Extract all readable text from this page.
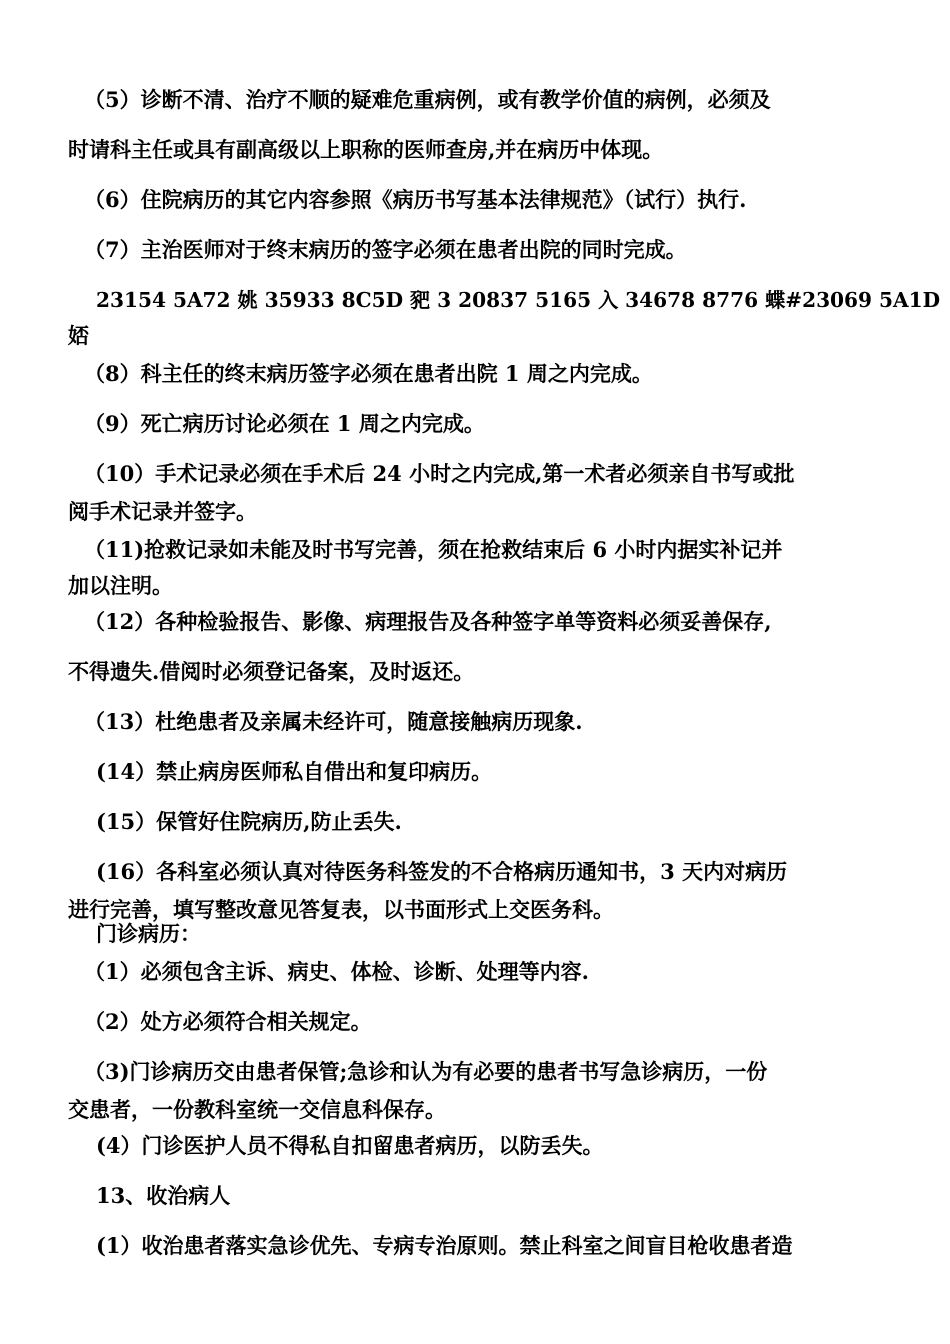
（5）诊断不清、治疗不顺的疑难危重病例，或有教学价值的病例，必须及

时请科主任或具有副高级以上职称的医师查房,并在病历中体现。

（6）住院病历的其它内容参照《病历书写基本法律规范》（试行）执行.

（7）主治医师对于终末病历的签字必须在患者出院的同时完成。

23154 5A72 姚 35933 8C5D 豝 3 20837 5165 入 34678 8776 蝶#23069 5A1D

娝

（8）科主任的终末病历签字必须在患者出院 1 周之内完成。

（9）死亡病历讨论必须在 1 周之内完成。

（10）手术记录必须在手术后 24 小时之内完成,第一术者必须亲自书写或批

阅手术记录并签字。

（11)抢救记录如未能及时书写完善，须在抢救结束后 6 小时内据实补记并

加以注明。

（12）各种检验报告、影像、病理报告及各种签字单等资料必须妥善保存,

不得遗失.借阅时必须登记备案，及时返还。

（13）杜绝患者及亲属未经许可，随意接触病历现象.

(14）禁止病房医师私自借出和复印病历。

(15）保管好住院病历,防止丢失.

(16）各科室必须认真对待医务科签发的不合格病历通知书，3 天内对病历

进行完善，填写整改意见答复表，以书面形式上交医务科。

门诊病历：

（1）必须包含主诉、病史、体检、诊断、处理等内容.

（2）处方必须符合相关规定。

（3)门诊病历交由患者保管;急诊和认为有必要的患者书写急诊病历，一份

交患者，一份教科室统一交信息科保存。

(4）门诊医护人员不得私自扣留患者病历，以防丢失。

13、收治病人

(1）收治患者落实急诊优先、专病专治原则。禁止科室之间盲目枪收患者造
